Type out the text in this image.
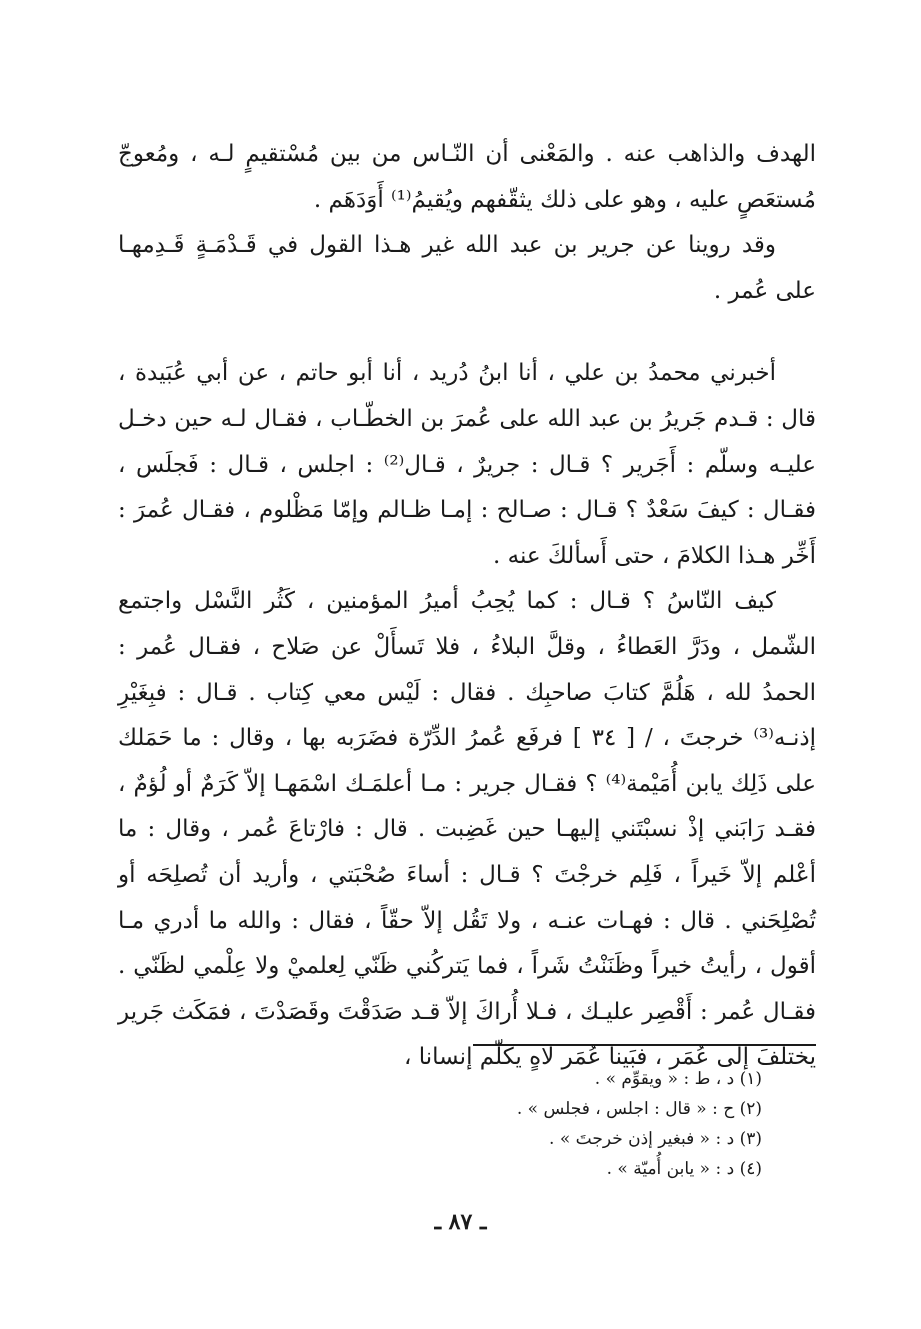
الهدف والذاهب عنه . والمَعْنى أن النّـاس من بين مُسْتقيمٍ لـه ، ومُعوجّ مُستعَصٍ عليه ، وهو على ذلك يثقّفهم ويُقيمُ⁽¹⁾ أَوَدَهَم .

وقد روينا عن جرير بن عبد الله غير هـذا القول في قَـدْمَـةٍ قَـدِمهـا على عُمر .

أخبرني محمدُ بن علي ، أنا ابنُ دُريد ، أنا أبو حاتم ، عن أبي عُبَيدة ، قال : قـدم جَريرُ بن عبد الله على عُمرَ بن الخطّـاب ، فقـال لـه حين دخـل عليـه وسلّم : أَجَرير ؟ قـال : جريرٌ ، قـال⁽²⁾ : اجلس ، قـال : فَجلَس ، فقـال : كيفَ سَعْدٌ ؟ قـال : صـالح : إمـا ظـالم وإمّا مَظْلوم ، فقـال عُمرَ : أَخِّر هـذا الكلامَ ، حتى أَسألكَ عنه .

كيف النّاسُ ؟ قـال : كما يُحِبُ أميرُ المؤمنين ، كَثُر النَّسْل واجتمع الشّمل ، ودَرَّ العَطاءُ ، وقلَّ البلاءُ ، فلا تَسأَلْ عن صَلاح ، فقـال عُمر : الحمدُ لله ، هَلُمَّ كتابَ صاحبِك . فقال : لَيْس معي كِتاب . قـال : فبِغَيْرِ إذنـه⁽³⁾ خرجتَ ، / [ ٣٤ ] فرفَع عُمرُ الدِّرّة فضَرَبه بها ، وقال : ما حَمَلك على ذَلِك يابن أُمَيْمة⁽⁴⁾ ؟ فقـال جرير : مـا أعلمَـك اسْمَهـا إلاّ كَرَمٌ أو لُؤمٌ ، فقـد رَابَني إذْ نسبْتَني إليهـا حين غَضِبت . قال : فارْتاعَ عُمر ، وقال : ما أعْلم إلاّ خَيراً ، فَلِم خرجْتَ ؟ قـال : أساءَ صُحْبَتي ، وأريد أن تُصلِحَه أو تُصْلِحَني . قال : فهـات عنـه ، ولا تَقُل إلاّ حقّاً ، فقال : والله ما أدري مـا أقول ، رأيتُ خيراً وظَنَنْتُ شَراً ، فما يَتركُني ظَنّي لِعلميْ ولا عِلْمي لظَنّي . فقـال عُمر : أَقْصِر عليـك ، فـلا أُراكَ إلاّ قـد صَدَقْتَ وقَصَدْتَ ، فمَكَث جَرير يختلفَ إلى عُمَر ، فبَينا عُمَر لاهٍ يكلّم إنسانا ،

(١) د ، ط : « ويقوِّم » .
(٢) ح : « قال : اجلس ، فجلس » .
(٣) د : « فبغير إذن خرجتَ » .
(٤) د : « يابن أُميّة » .
ـ ٨٧ ـ
